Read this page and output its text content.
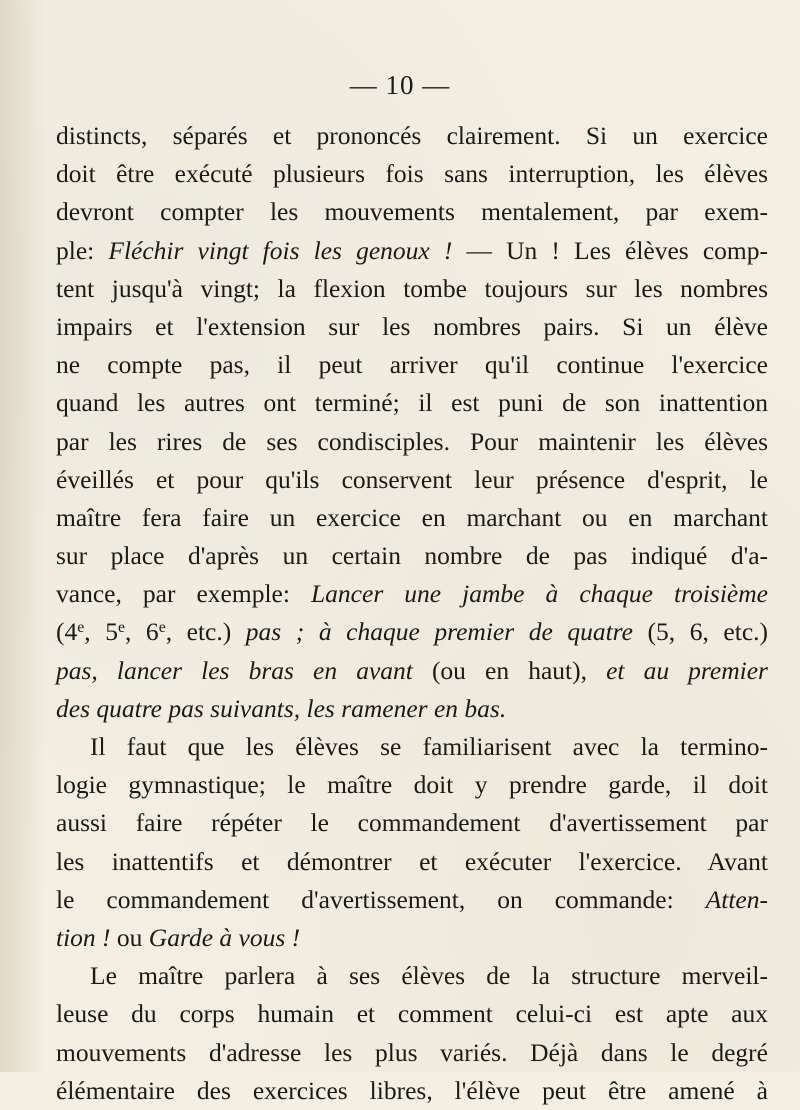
— 10 —
distincts, séparés et prononcés clairement. Si un exercice
doit être exécuté plusieurs fois sans interruption, les élèves
devront compter les mouvements mentalement, par exem-
ple: Fléchir vingt fois les genoux ! — Un ! Les élèves comp-
tent jusqu'à vingt; la flexion tombe toujours sur les nombres
impairs et l'extension sur les nombres pairs. Si un élève
ne compte pas, il peut arriver qu'il continue l'exercice
quand les autres ont terminé; il est puni de son inattention
par les rires de ses condisciples. Pour maintenir les élèves
éveillés et pour qu'ils conservent leur présence d'esprit, le
maître fera faire un exercice en marchant ou en marchant
sur place d'après un certain nombre de pas indiqué d'a-
vance, par exemple: Lancer une jambe à chaque troisième
(4e, 5e, 6e, etc.) pas ; à chaque premier de quatre (5, 6, etc.)
pas, lancer les bras en avant (ou en haut), et au premier
des quatre pas suivants, les ramener en bas.
Il faut que les élèves se familiarisent avec la termino-
logie gymnastique; le maître doit y prendre garde, il doit
aussi faire répéter le commandement d'avertissement par
les inattentifs et démontrer et exécuter l'exercice. Avant
le commandement d'avertissement, on commande: Atten-
tion ! ou Garde à vous !
Le maître parlera à ses élèves de la structure merveil-
leuse du corps humain et comment celui-ci est apte aux
mouvements d'adresse les plus variés. Déjà dans le degré
élémentaire des exercices libres, l'élève peut être amené à
